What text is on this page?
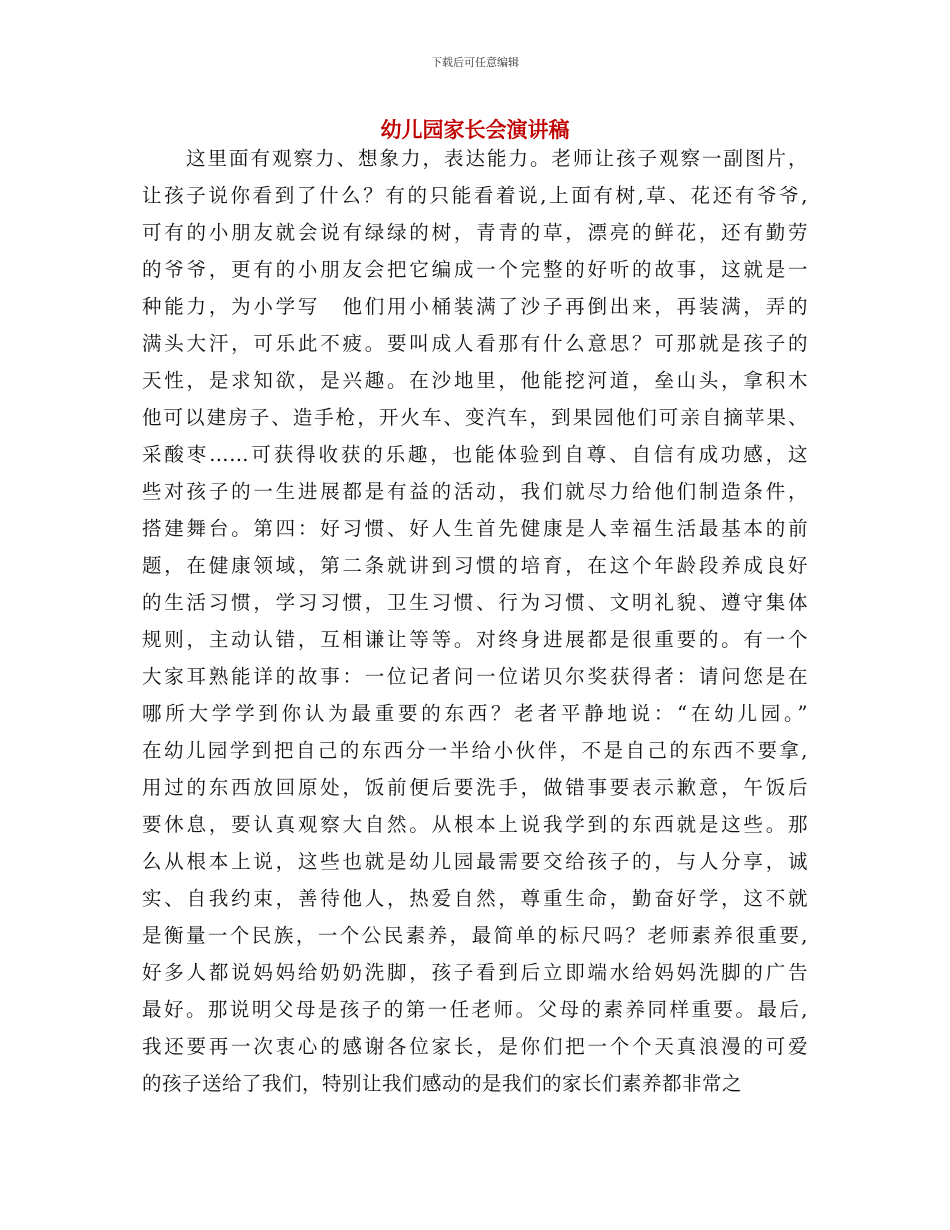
下载后可任意编辑
幼儿园家长会演讲稿
这里面有观察力、想象力，表达能力。老师让孩子观察一副图片，
让孩子说你看到了什么？有的只能看着说,上面有树,草、花还有爷爷,
可有的小朋友就会说有绿绿的树，青青的草，漂亮的鲜花，还有勤劳
的爷爷，更有的小朋友会把它编成一个完整的好听的故事，这就是一
种能力，为小学写　他们用小桶装满了沙子再倒出来，再装满，弄的
满头大汗，可乐此不疲。要叫成人看那有什么意思？可那就是孩子的
天性，是求知欲，是兴趣。在沙地里，他能挖河道，垒山头，拿积木
他可以建房子、造手枪，开火车、变汽车，到果园他们可亲自摘苹果、
采酸枣……可获得收获的乐趣，也能体验到自尊、自信有成功感，这
些对孩子的一生进展都是有益的活动，我们就尽力给他们制造条件，
搭建舞台。第四：好习惯、好人生首先健康是人幸福生活最基本的前
题，在健康领域，第二条就讲到习惯的培育，在这个年龄段养成良好
的生活习惯，学习习惯，卫生习惯、行为习惯、文明礼貌、遵守集体
规则，主动认错，互相谦让等等。对终身进展都是很重要的。有一个
大家耳熟能详的故事：一位记者问一位诺贝尔奖获得者：请问您是在
哪所大学学到你认为最重要的东西？老者平静地说：“在幼儿园。”
在幼儿园学到把自己的东西分一半给小伙伴，不是自己的东西不要拿,
用过的东西放回原处，饭前便后要洗手，做错事要表示歉意，午饭后
要休息，要认真观察大自然。从根本上说我学到的东西就是这些。那
么从根本上说，这些也就是幼儿园最需要交给孩子的，与人分享，诚
实、自我约束，善待他人，热爱自然，尊重生命，勤奋好学，这不就
是衡量一个民族，一个公民素养，最简单的标尺吗？老师素养很重要,
好多人都说妈妈给奶奶洗脚，孩子看到后立即端水给妈妈洗脚的广告
最好。那说明父母是孩子的第一任老师。父母的素养同样重要。最后,
我还要再一次衷心的感谢各位家长，是你们把一个个天真浪漫的可爱
的孩子送给了我们，特别让我们感动的是我们的家长们素养都非常之
